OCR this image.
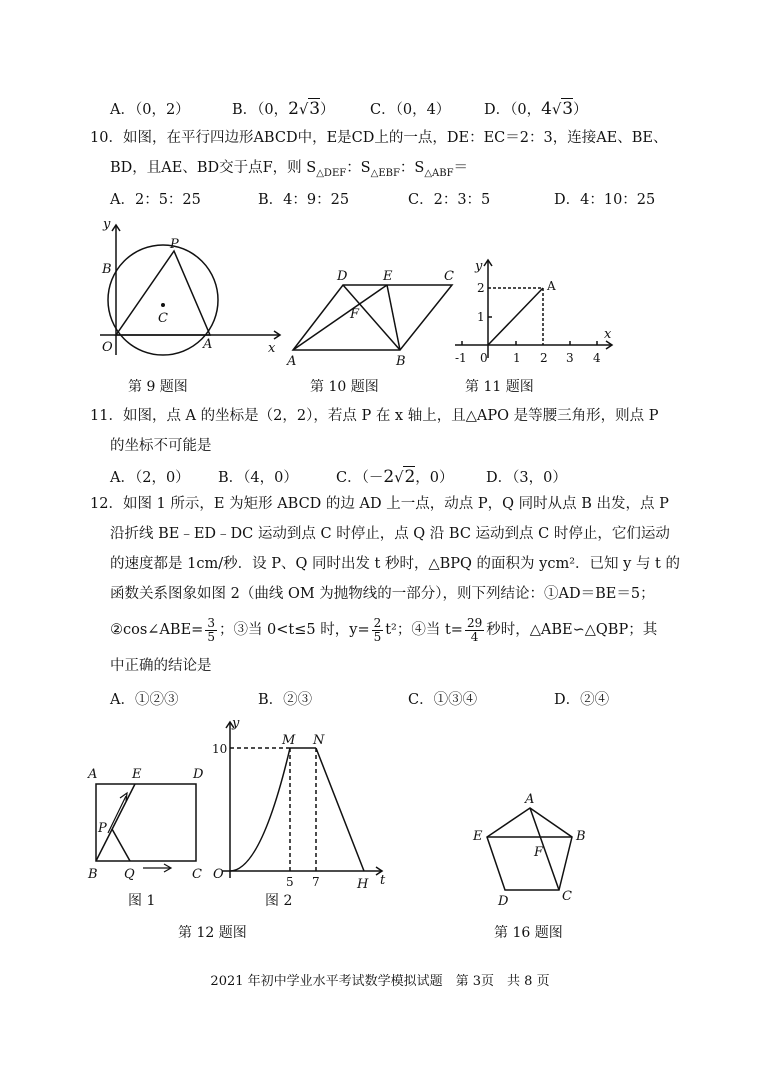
A．（0，2）	B．（0，2√3） C．（0，4） D．（0，4√3）
10．如图，在平行四边形ABCD中，E是CD上的一点，DE：EC＝2：3，连接AE、BE、
BD，且AE、BD交于点F，则 $S_{\triangle DEF}$：$S_{\triangle EBF}$：$S_{\triangle ABF}=$
A．2：5：25	B．4：9：25	C．2：3：5	D．4：10：25
O	A
B
P
C
x
y
第 9 题图
A	B
C
D	E
F
第 10 题图
y
x
A
-1 0 1 2 3 4
1
2
第 11 题图
11．如图，点 A 的坐标是（2，2），若点 P 在 x 轴上，且△APO 是等腰三角形，则点 P
的坐标不可能是
A．（2，0） B．（4，0）	C．（－2√2，0） D．（3，0）
12．如图 1 所示，E 为矩形 ABCD 的边 AD 上一点，动点 P，Q 同时从点 B 出发，点 P
沿折线 BE﹣ED﹣DC 运动到点 C 时停止，点 Q 沿 BC 运动到点 C 时停止，它们运动
的速度都是 1cm/秒．设 P、Q 同时出发 t 秒时，△BPQ 的面积为 ycm²．已知 y 与 t 的
函数关系图象如图 2（曲线 OM 为抛物线的一部分），则下列结论：①AD＝BE＝5；
②cos∠ABE= $\frac{3}{5}$ ；③当 0<t≤5 时，$y= \frac{2}{5} t^2$；④当 $t= \frac{29}{4}$ 秒时，△ABE∽△QBP；其
中正确的结论是
A．①②③	B．②③	C．①③④	D．②④
A	E	D
P
B Q	C
图 1
y
M N
10
O	5 7	H t
图 2
第 12 题图
A
B
C
D
E
F
第 16 题图
2021 年初中学业水平考试数学模拟试题　第 3页　共 8 页
